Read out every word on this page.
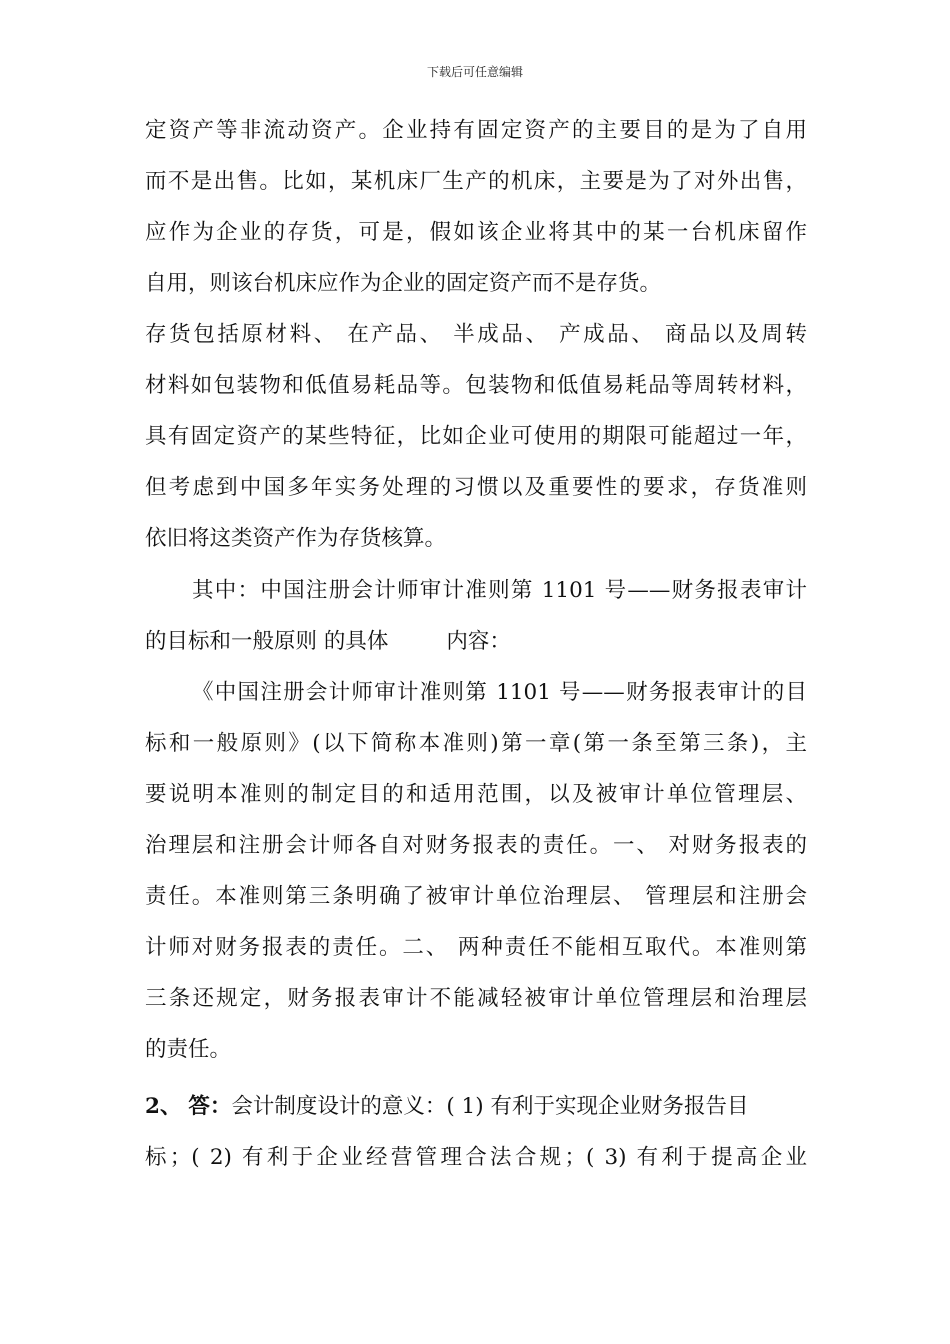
下载后可任意编辑
定资产等非流动资产。企业持有固定资产的主要目的是为了自用
而不是出售。比如，某机床厂生产的机床，主要是为了对外出售，
应作为企业的存货，可是，假如该企业将其中的某一台机床留作
自用，则该台机床应作为企业的固定资产而不是存货。
存货包括原材料、 在产品、 半成品、 产成品、 商品以及周转
材料如包装物和低值易耗品等。包装物和低值易耗品等周转材料，
具有固定资产的某些特征，比如企业可使用的期限可能超过一年，
但考虑到中国多年实务处理的习惯以及重要性的要求，存货准则
依旧将这类资产作为存货核算。
其中：中国注册会计师审计准则第 1101 号——财务报表审计
的目标和一般原则 的具体	内容：
《中国注册会计师审计准则第 1101 号——财务报表审计的目
标和一般原则》(以下简称本准则)第一章(第一条至第三条)，主
要说明本准则的制定目的和适用范围，以及被审计单位管理层、
治理层和注册会计师各自对财务报表的责任。一、 对财务报表的
责任。本准则第三条明确了被审计单位治理层、 管理层和注册会
计师对财务报表的责任。二、 两种责任不能相互取代。本准则第
三条还规定，财务报表审计不能减轻被审计单位管理层和治理层
的责任。
2、 答：会计制度设计的意义：( 1) 有利于实现企业财务报告目
标；( 2) 有利于企业经营管理合法合规；( 3) 有利于提高企业
